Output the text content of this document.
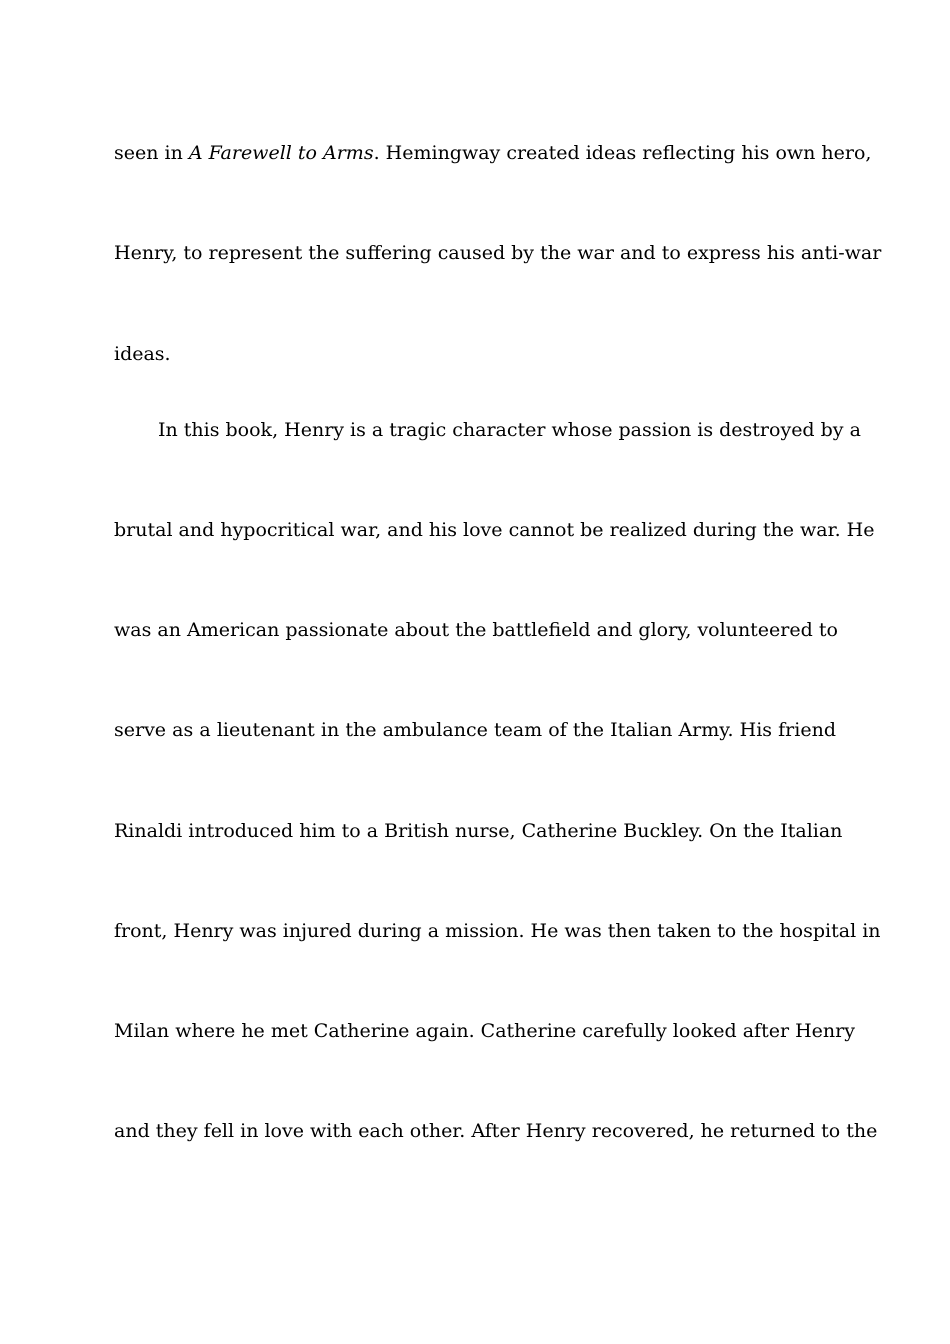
seen in A Farewell to Arms. Hemingway created ideas reflecting his own hero,
Henry, to represent the suffering caused by the war and to express his anti-war
ideas.
In this book, Henry is a tragic character whose passion is destroyed by a
brutal and hypocritical war, and his love cannot be realized during the war. He
was an American passionate about the battlefield and glory, volunteered to
serve as a lieutenant in the ambulance team of the Italian Army. His friend
Rinaldi introduced him to a British nurse, Catherine Buckley. On the Italian
front, Henry was injured during a mission. He was then taken to the hospital in
Milan where he met Catherine again. Catherine carefully looked after Henry
and they fell in love with each other. After Henry recovered, he returned to the
